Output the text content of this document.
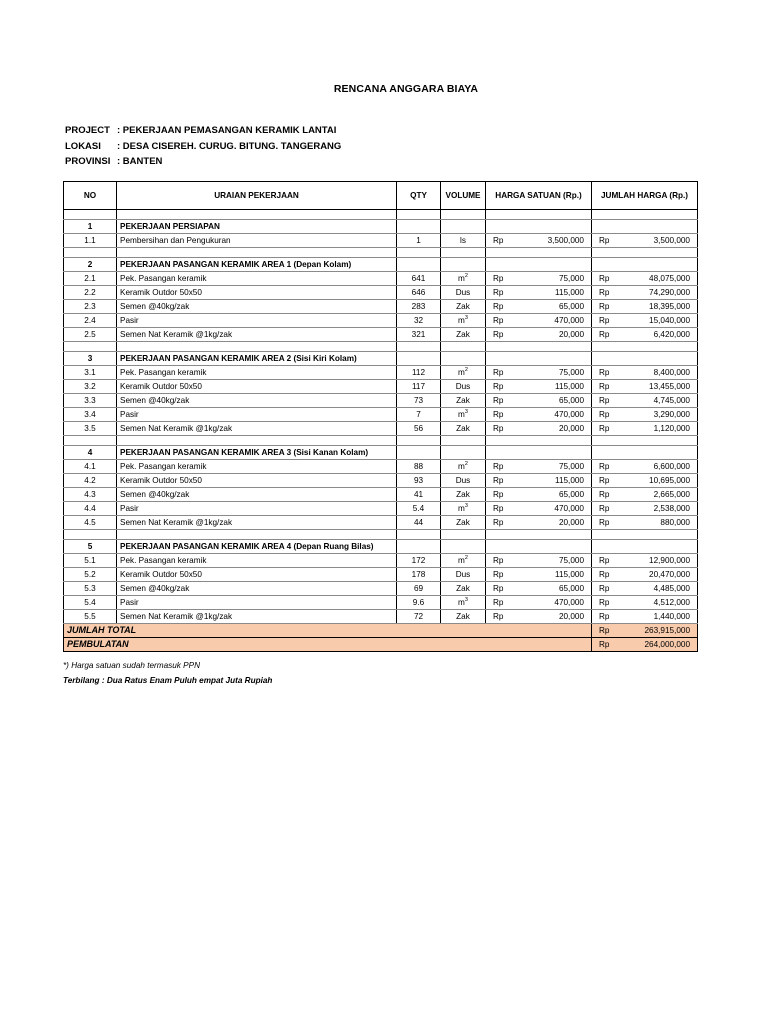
RENCANA ANGGARA BIAYA
PROJECT : PEKERJAAN PEMASANGAN KERAMIK LANTAI
LOKASI	: DESA CISEREH. CURUG. BITUNG. TANGERANG
PROVINSI : BANTEN
NO	URAIAN PEKERJAAN	QTY	VOLUME	HARGA SATUAN (Rp.)	JUMLAH HARGA (Rp.)

1	PEKERJAAN PERSIAPAN				
1.1	Pembersihan dan Pengukuran	1	ls	Rp 3,500,000	Rp 3,500,000

2	PEKERJAAN PASANGAN KERAMIK AREA 1 (Depan Kolam)				
2.1	Pek. Pasangan keramik	641	$m^2$	Rp 75,000	Rp 48,075,000

2.2	Keramik Outdor 50x50	646	Dus	Rp 115,000	Rp 74,290,000

2.3	Semen @40kg/zak	283	Zak	Rp 65,000	Rp 18,395,000

2.4	Pasir	32	$m^3$	Rp 470,000	Rp 15,040,000

2.5	Semen Nat Keramik @1kg/zak	321	Zak	Rp 20,000	Rp 6,420,000

3	PEKERJAAN PASANGAN KERAMIK AREA 2 (Sisi Kiri Kolam)				
3.1	Pek. Pasangan keramik	112	$m^2$	Rp 75,000	Rp 8,400,000

3.2	Keramik Outdor 50x50	117	Dus	Rp 115,000	Rp 13,455,000

3.3	Semen @40kg/zak	73	Zak	Rp 65,000	Rp 4,745,000

3.4	Pasir	7	$m^3$	Rp 470,000	Rp 3,290,000

3.5	Semen Nat Keramik @1kg/zak	56	Zak	Rp 20,000	Rp 1,120,000

4	PEKERJAAN PASANGAN KERAMIK AREA 3 (Sisi Kanan Kolam)				
4.1	Pek. Pasangan keramik	88	$m^2$	Rp 75,000	Rp 6,600,000

4.2	Keramik Outdor 50x50	93	Dus	Rp 115,000	Rp 10,695,000

4.3	Semen @40kg/zak	41	Zak	Rp 65,000	Rp 2,665,000

4.4	Pasir	5.4	$m^3$	Rp 470,000	Rp 2,538,000

4.5	Semen Nat Keramik @1kg/zak	44	Zak	Rp 20,000	Rp 880,000

5	PEKERJAAN PASANGAN KERAMIK AREA 4 (Depan Ruang Bilas)				
5.1	Pek. Pasangan keramik	172	$m^2$	Rp 75,000	Rp 12,900,000

5.2	Keramik Outdor 50x50	178	Dus	Rp 115,000	Rp 20,470,000

5.3	Semen @40kg/zak	69	Zak	Rp 65,000	Rp 4,485,000

5.4	Pasir	9.6	$m^3$	Rp 470,000	Rp 4,512,000

5.5	Semen Nat Keramik @1kg/zak	72	Zak	Rp 20,000	Rp 1,440,000

JUMLAH TOTAL					Rp 263,915,000

PEMBULATAN					Rp 264,000,000
*) Harga satuan sudah termasuk PPN
Terbilang : Dua Ratus Enam Puluh empat Juta Rupiah
